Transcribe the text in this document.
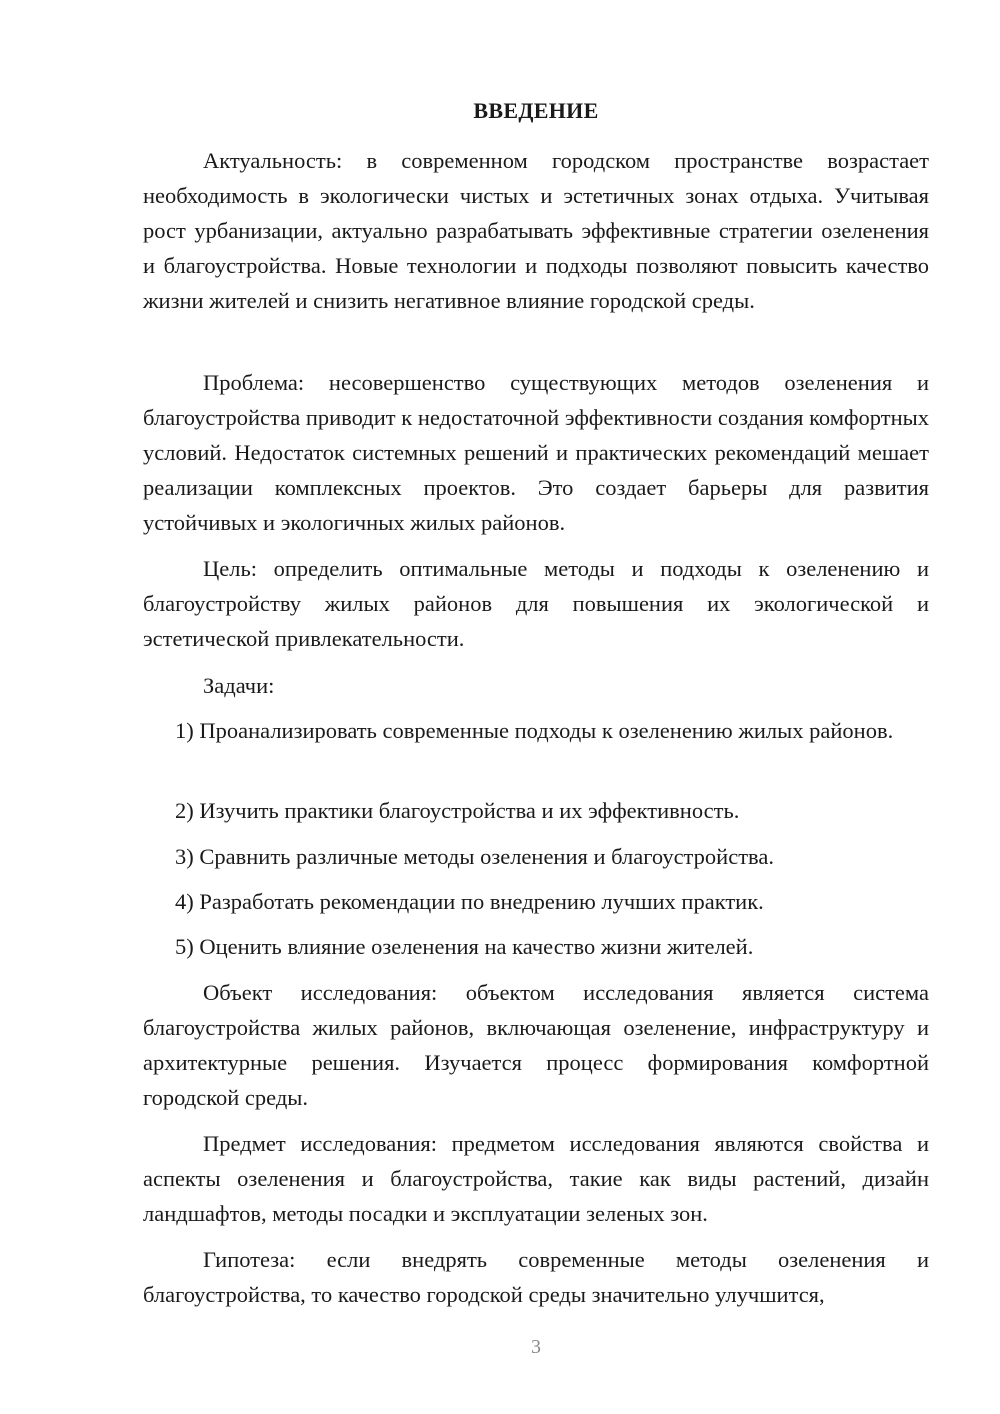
ВВЕДЕНИЕ

Актуальность: в современном городском пространстве возрастает необходимость в экологически чистых и эстетичных зонах отдыха. Учитывая рост урбанизации, актуально разрабатывать эффективные стратегии озеленения и благоустройства. Новые технологии и подходы позволяют повысить качество жизни жителей и снизить негативное влияние городской среды.

Проблема: несовершенство существующих методов озеленения и благоустройства приводит к недостаточной эффективности создания комфортных условий. Недостаток системных решений и практических рекомендаций мешает реализации комплексных проектов. Это создает барьеры для развития устойчивых и экологичных жилых районов.

Цель: определить оптимальные методы и подходы к озеленению и благоустройству жилых районов для повышения их экологической и эстетической привлекательности.

Задачи:

1) Проанализировать современные подходы к озеленению жилых районов.

2) Изучить практики благоустройства и их эффективность.

3) Сравнить различные методы озеленения и благоустройства.

4) Разработать рекомендации по внедрению лучших практик.

5) Оценить влияние озеленения на качество жизни жителей.

Объект исследования: объектом исследования является система благоустройства жилых районов, включающая озеленение, инфраструктуру и архитектурные решения. Изучается процесс формирования комфортной городской среды.

Предмет исследования: предметом исследования являются свойства и аспекты озеленения и благоустройства, такие как виды растений, дизайн ландшафтов, методы посадки и эксплуатации зеленых зон.

Гипотеза: если внедрять современные методы озеленения и благоустройства, то качество городской среды значительно улучшится,

3
